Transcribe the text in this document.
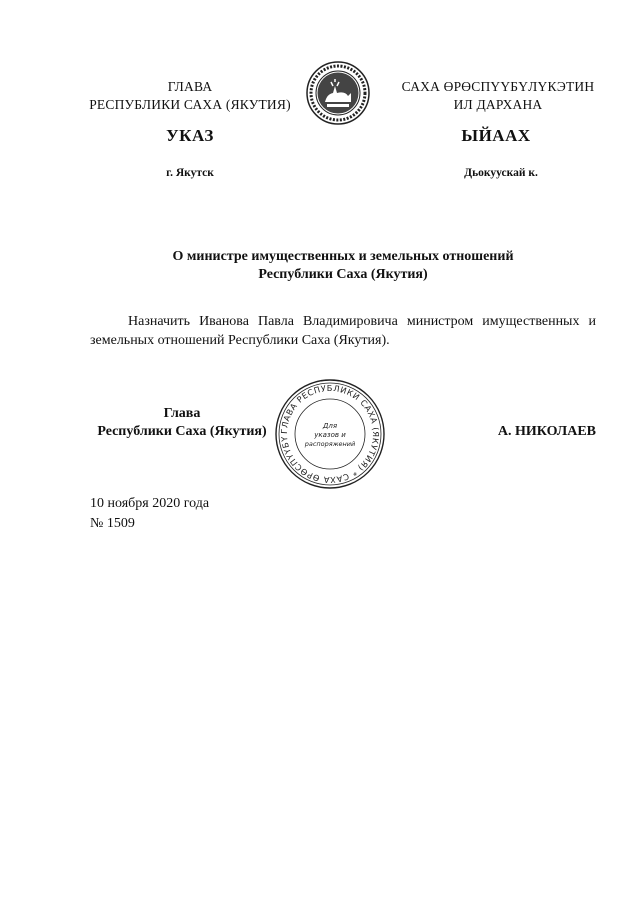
ГЛАВА
РЕСПУБЛИКИ САХА (ЯКУТИЯ)
САХА ӨРӨСПҮҮБҮЛҮКЭТИН
ИЛ ДАРХАНА
УКАЗ	ЫЙААХ
г. Якутск	Дьокуускай к.
О министре имущественных и земельных отношений
Республики Саха (Якутия)
Назначить Иванова Павла Владимировича министром имущественных и земельных отношений Республики Саха (Якутия).
Глава
Республики Саха (Якутия)	ГЛАВА РЕСПУБЛИКИ САХА (ЯКУТИЯ) * САХА ӨРӨСПҮҮБҮ
Для
указов и
распоряжений
А. НИКОЛАЕВ
10 ноября 2020 года
№ 1509
